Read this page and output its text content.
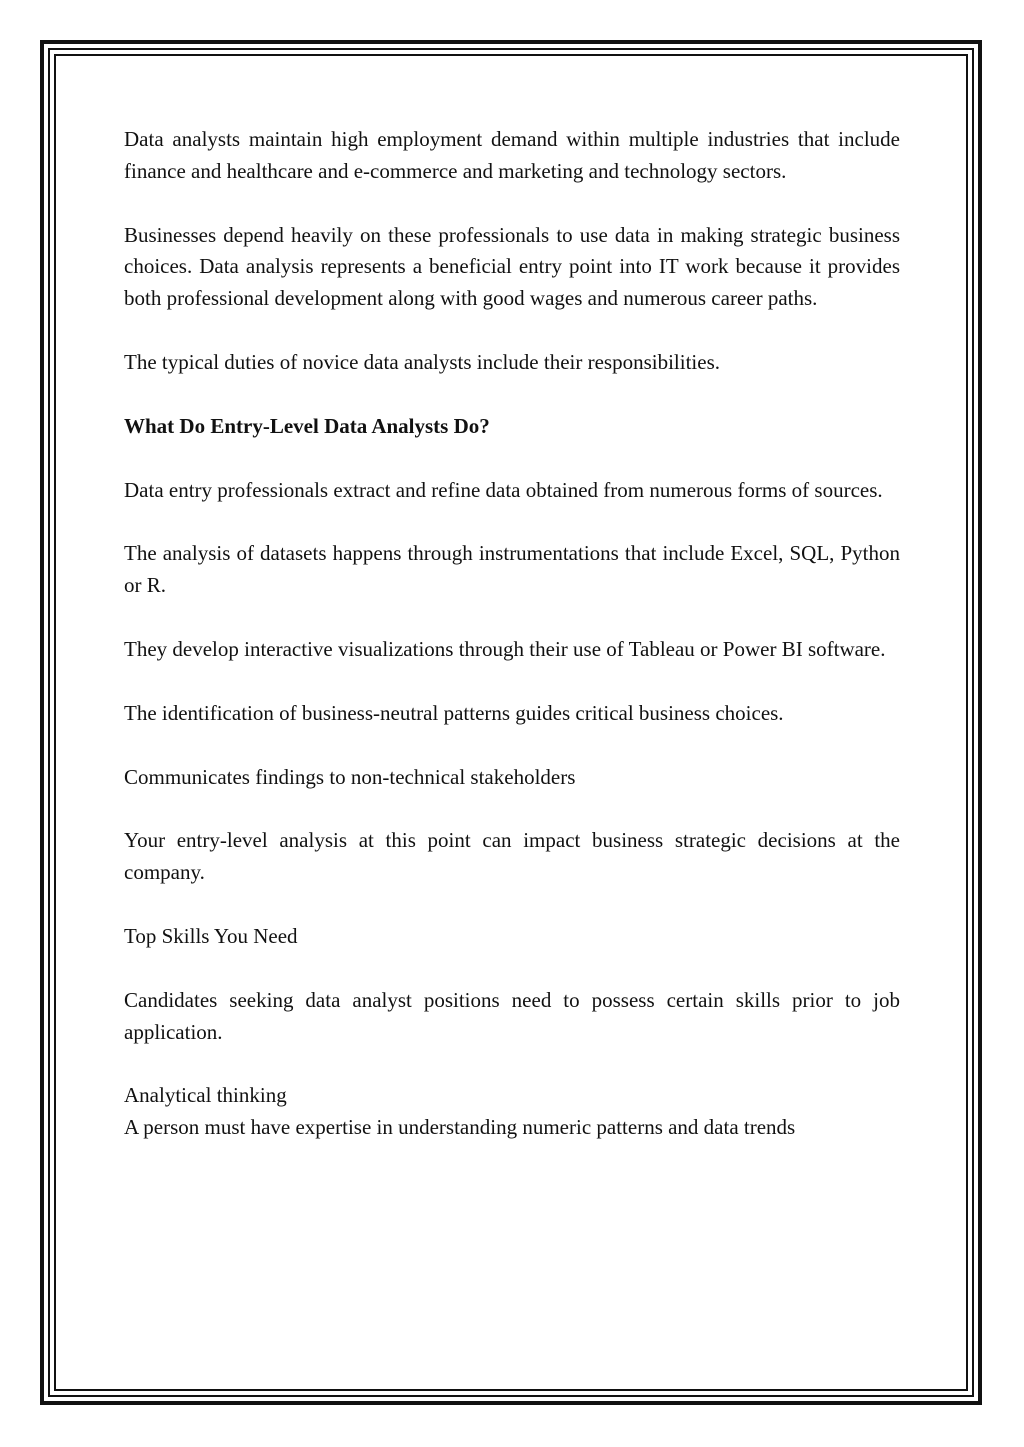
Data analysts maintain high employment demand within multiple industries that include finance and healthcare and e-commerce and marketing and technology sectors.

Businesses depend heavily on these professionals to use data in making strategic business choices. Data analysis represents a beneficial entry point into IT work because it provides both professional development along with good wages and numerous career paths.

The typical duties of novice data analysts include their responsibilities.

What Do Entry-Level Data Analysts Do?

Data entry professionals extract and refine data obtained from numerous forms of sources.

The analysis of datasets happens through instrumentations that include Excel, SQL, Python or R.

They develop interactive visualizations through their use of Tableau or Power BI software.

The identification of business-neutral patterns guides critical business choices.

Communicates findings to non-technical stakeholders

Your entry-level analysis at this point can impact business strategic decisions at the company.

Top Skills You Need

Candidates seeking data analyst positions need to possess certain skills prior to job application.

Analytical thinking

A person must have expertise in understanding numeric patterns and data trends
